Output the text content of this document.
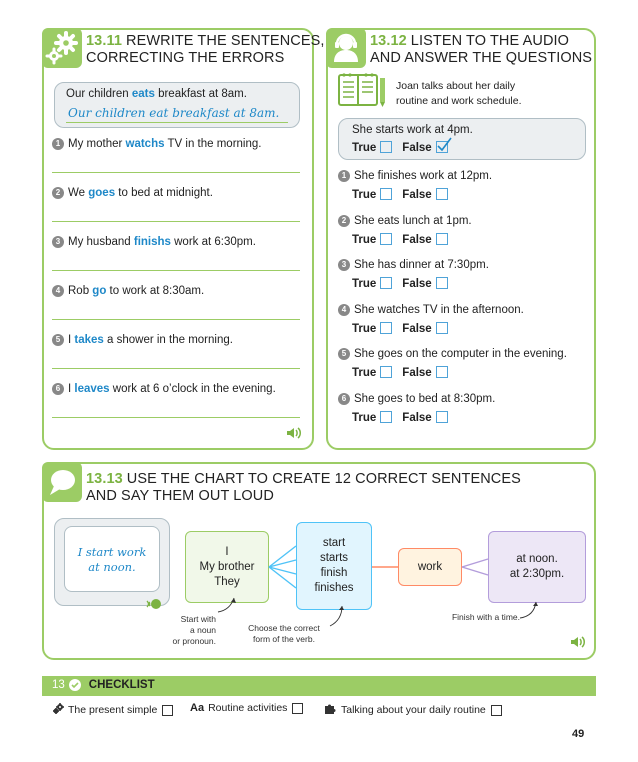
13.11 REWRITE THE SENTENCES,
CORRECTING THE ERRORS
Our children eats breakfast at 8am.
Our children eat breakfast at 8am.
1 My mother watchs TV in the morning.
2 We goes to bed at midnight.
3 My husband finishs work at 6:30pm.
4 Rob go to work at 8:30am.
5 I takes a shower in the morning.
6 I leaves work at 6 o’clock in the evening.
13.12 LISTEN TO THE AUDIO
AND ANSWER THE QUESTIONS
Joan talks about her daily
routine and work schedule.
She starts work at 4pm.
True False
1 She finishes work at 12pm.
True False
2 She eats lunch at 1pm.
True False
3 She has dinner at 7:30pm.
True False
4 She watches TV in the afternoon.
True False
5 She goes on the computer in the evening.
True False
6 She goes to bed at 8:30pm.
True False
13.13 USE THE CHART TO CREATE 12 CORRECT SENTENCES
AND SAY THEM OUT LOUD
I start work
at noon.
I
My brother
They
start
starts
finish
finishes
work
at noon.
at 2:30pm.
Start with
a noun
or pronoun.
Choose the correct
form of the verb.
Finish with a time.
13 CHECKLIST
The present simple	Aa Routine activities	Talking about your daily routine
49
